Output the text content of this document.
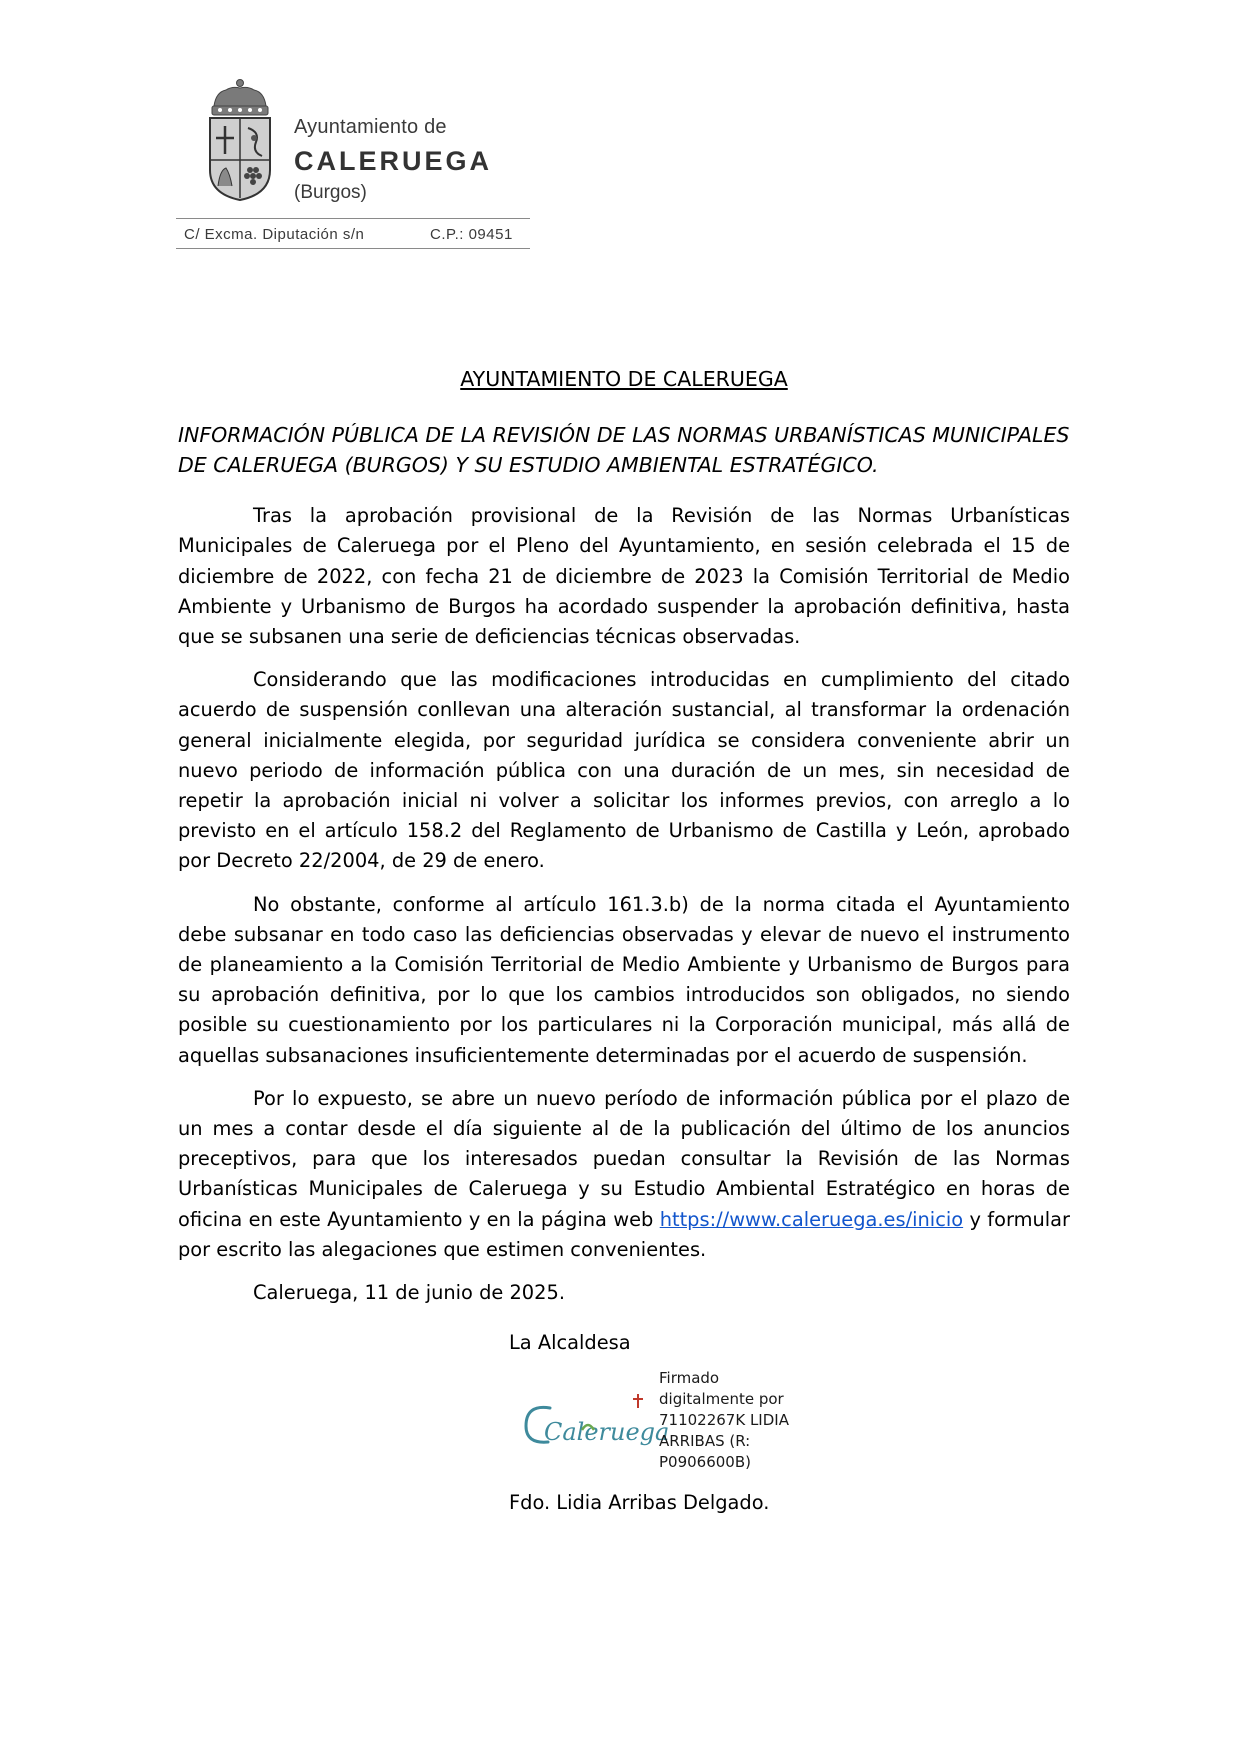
Ayuntamiento de
CALERUEGA
(Burgos)
C/ Excma. Diputación s/n	C.P.: 09451
AYUNTAMIENTO DE CALERUEGA
INFORMACIÓN PÚBLICA DE LA REVISIÓN DE LAS NORMAS URBANÍSTICAS MUNICIPALES DE CALERUEGA (BURGOS) Y SU ESTUDIO AMBIENTAL ESTRATÉGICO.

Tras la aprobación provisional de la Revisión de las Normas Urbanísticas Municipales de Caleruega por el Pleno del Ayuntamiento, en sesión celebrada el 15 de diciembre de 2022, con fecha 21 de diciembre de 2023 la Comisión Territorial de Medio Ambiente y Urbanismo de Burgos ha acordado suspender la aprobación definitiva, hasta que se subsanen una serie de deficiencias técnicas observadas.

Considerando que las modificaciones introducidas en cumplimiento del citado acuerdo de suspensión conllevan una alteración sustancial, al transformar la ordenación general inicialmente elegida, por seguridad jurídica se considera conveniente abrir un nuevo periodo de información pública con una duración de un mes, sin necesidad de repetir la aprobación inicial ni volver a solicitar los informes previos, con arreglo a lo previsto en el artículo 158.2 del Reglamento de Urbanismo de Castilla y León, aprobado por Decreto 22/2004, de 29 de enero.

No obstante, conforme al artículo 161.3.b) de la norma citada el Ayuntamiento debe subsanar en todo caso las deficiencias observadas y elevar de nuevo el instrumento de planeamiento a la Comisión Territorial de Medio Ambiente y Urbanismo de Burgos para su aprobación definitiva, por lo que los cambios introducidos son obligados, no siendo posible su cuestionamiento por los particulares ni la Corporación municipal, más allá de aquellas subsanaciones insuficientemente determinadas por el acuerdo de suspensión.

Por lo expuesto, se abre un nuevo período de información pública por el plazo de un mes a contar desde el día siguiente al de la publicación del último de los anuncios preceptivos, para que los interesados puedan consultar la Revisión de las Normas Urbanísticas Municipales de Caleruega y su Estudio Ambiental Estratégico en horas de oficina en este Ayuntamiento y en la página web https://www.caleruega.es/inicio y formular por escrito las alegaciones que estimen convenientes.

Caleruega, 11 de junio de 2025.
La Alcaldesa
Caleruega
Firmado
digitalmente por
71102267K LIDIA
ARRIBAS (R:
P0906600B)
Fdo. Lidia Arribas Delgado.
